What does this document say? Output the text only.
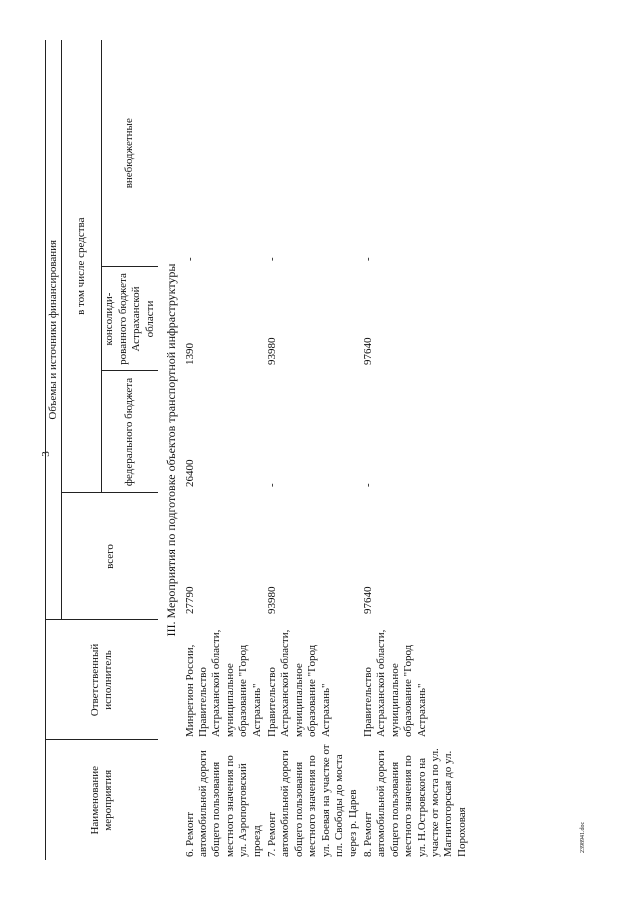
3
2398941.doc
Наименование мероприятия	Ответственный исполнитель	Объемы и источники финансирования			
		всего	в том числе средства		
			федерального бюджета	консолиди-рованного бюджета Астраханской области	внебюджетные
III. Мероприятия по подготовке объектов транспортной инфраструктуры					
6. Ремонт автомобильной дороги общего пользования местного значения по ул. Аэропортовский проезд	Минрегион России, Правительство Астраханской области, муниципальное образование "Город Астрахань"	27790	26400	1390	-
7. Ремонт автомобильной дороги общего пользования местного значения по ул. Боевая на участке от пл. Свободы до моста через р. Царев	Правительство Астраханской области, муниципальное образование "Город Астрахань"	93980	-	93980	-
8. Ремонт автомобильной дороги общего пользования местного значения по ул. Н.Островского на участке от моста по ул. Магнитогорская до ул. Пороховая	Правительство Астраханской области, муниципальное образование "Город Астрахань"	97640	-	97640	-
